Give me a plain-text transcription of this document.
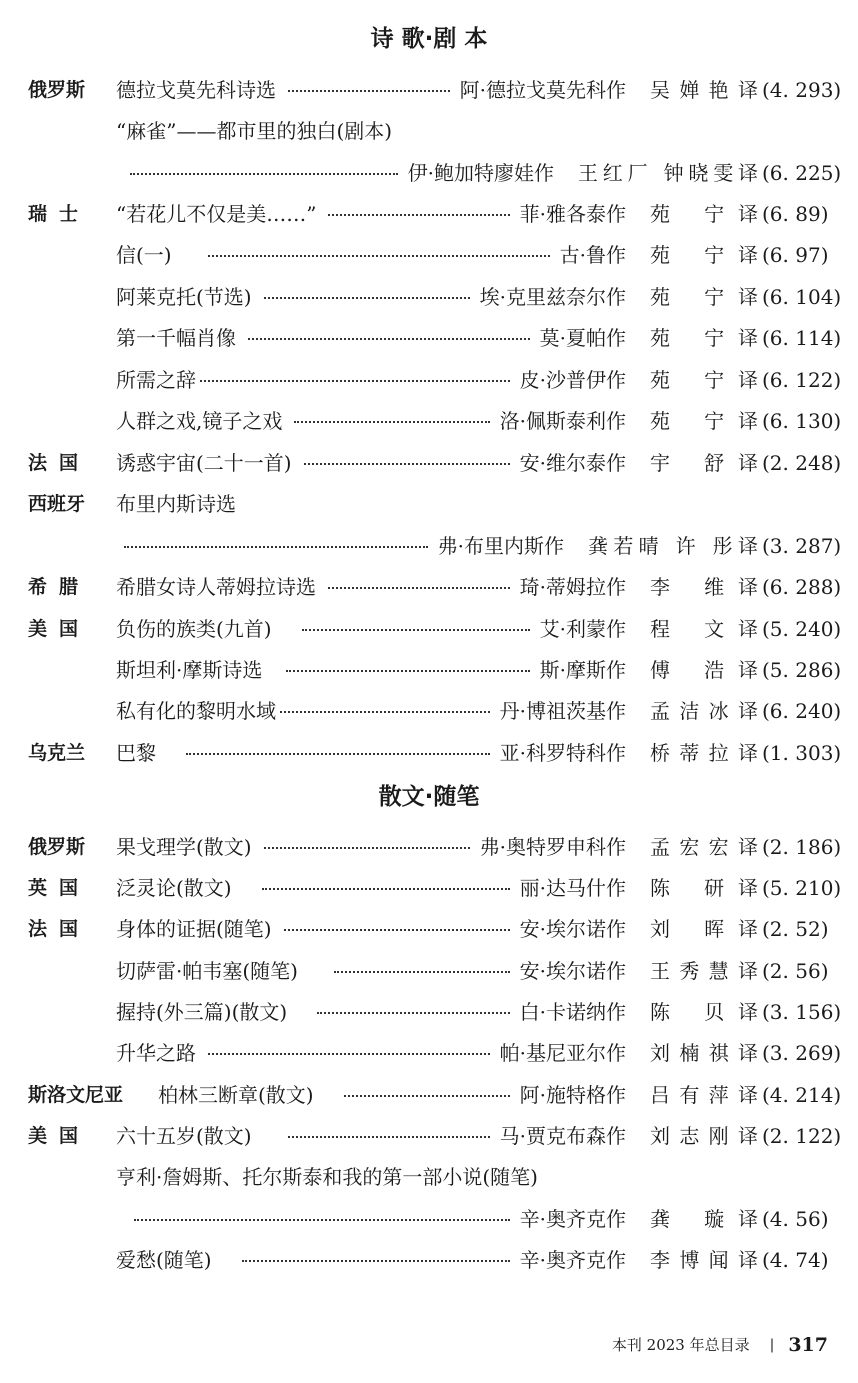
诗 歌·剧 本
俄罗斯 德拉戈莫先科诗选	阿·德拉戈莫先科作 吴婵艳译 (4. 293)
“麻雀”——都市里的独白(剧本)
伊·鲍加特廖娃作 王红厂 钟晓雯译 (6. 225)
瑞士 “若花儿不仅是美……”	菲·雅各泰作 苑 宁译 (6. 89)
信(一)	古·鲁作 苑 宁译 (6. 97)
阿莱克托(节选)	埃·克里兹奈尔作 苑 宁译 (6. 104)
第一千幅肖像	莫·夏帕作 苑 宁译 (6. 114)
所需之辞	皮·沙普伊作 苑 宁译 (6. 122)
人群之戏,镜子之戏	洛·佩斯泰利作 苑 宁译 (6. 130)
法国 诱惑宇宙(二十一首)	安·维尔泰作 宇 舒译 (2. 248)
西班牙 布里内斯诗选
弗·布里内斯作 龚若晴 许 彤译 (3. 287)
希腊 希腊女诗人蒂姆拉诗选	琦·蒂姆拉作 李 维译 (6. 288)
美国 负伤的族类(九首)	艾·利蒙作 程 文译 (5. 240)
斯坦利·摩斯诗选	斯·摩斯作 傅 浩译 (5. 286)
私有化的黎明水域	丹·博祖茨基作 孟洁冰译 (6. 240)
乌克兰 巴黎	亚·科罗特科作 桥蒂拉译 (1. 303)
散文·随笔
俄罗斯 果戈理学(散文)	弗·奥特罗申科作 孟宏宏译 (2. 186)
英国 泛灵论(散文)	丽·达马什作 陈 研译 (5. 210)
法国 身体的证据(随笔)	安·埃尔诺作 刘 晖译 (2. 52)
切萨雷·帕韦塞(随笔)	安·埃尔诺作 王秀慧译 (2. 56)
握持(外三篇)(散文)	白·卡诺纳作 陈 贝译 (3. 156)
升华之路	帕·基尼亚尔作 刘楠祺译 (3. 269)
斯洛文尼亚 柏林三断章(散文)	阿·施特格作 吕有萍译 (4. 214)
美国 六十五岁(散文)	马·贾克布森作 刘志刚译 (2. 122)
亨利·詹姆斯、托尔斯泰和我的第一部小说(随笔)
辛·奥齐克作 龚 璇译 (4. 56)
爱愁(随笔)	辛·奥齐克作 李博闻译 (4. 74)
本刊 2023 年总目录 | 317
